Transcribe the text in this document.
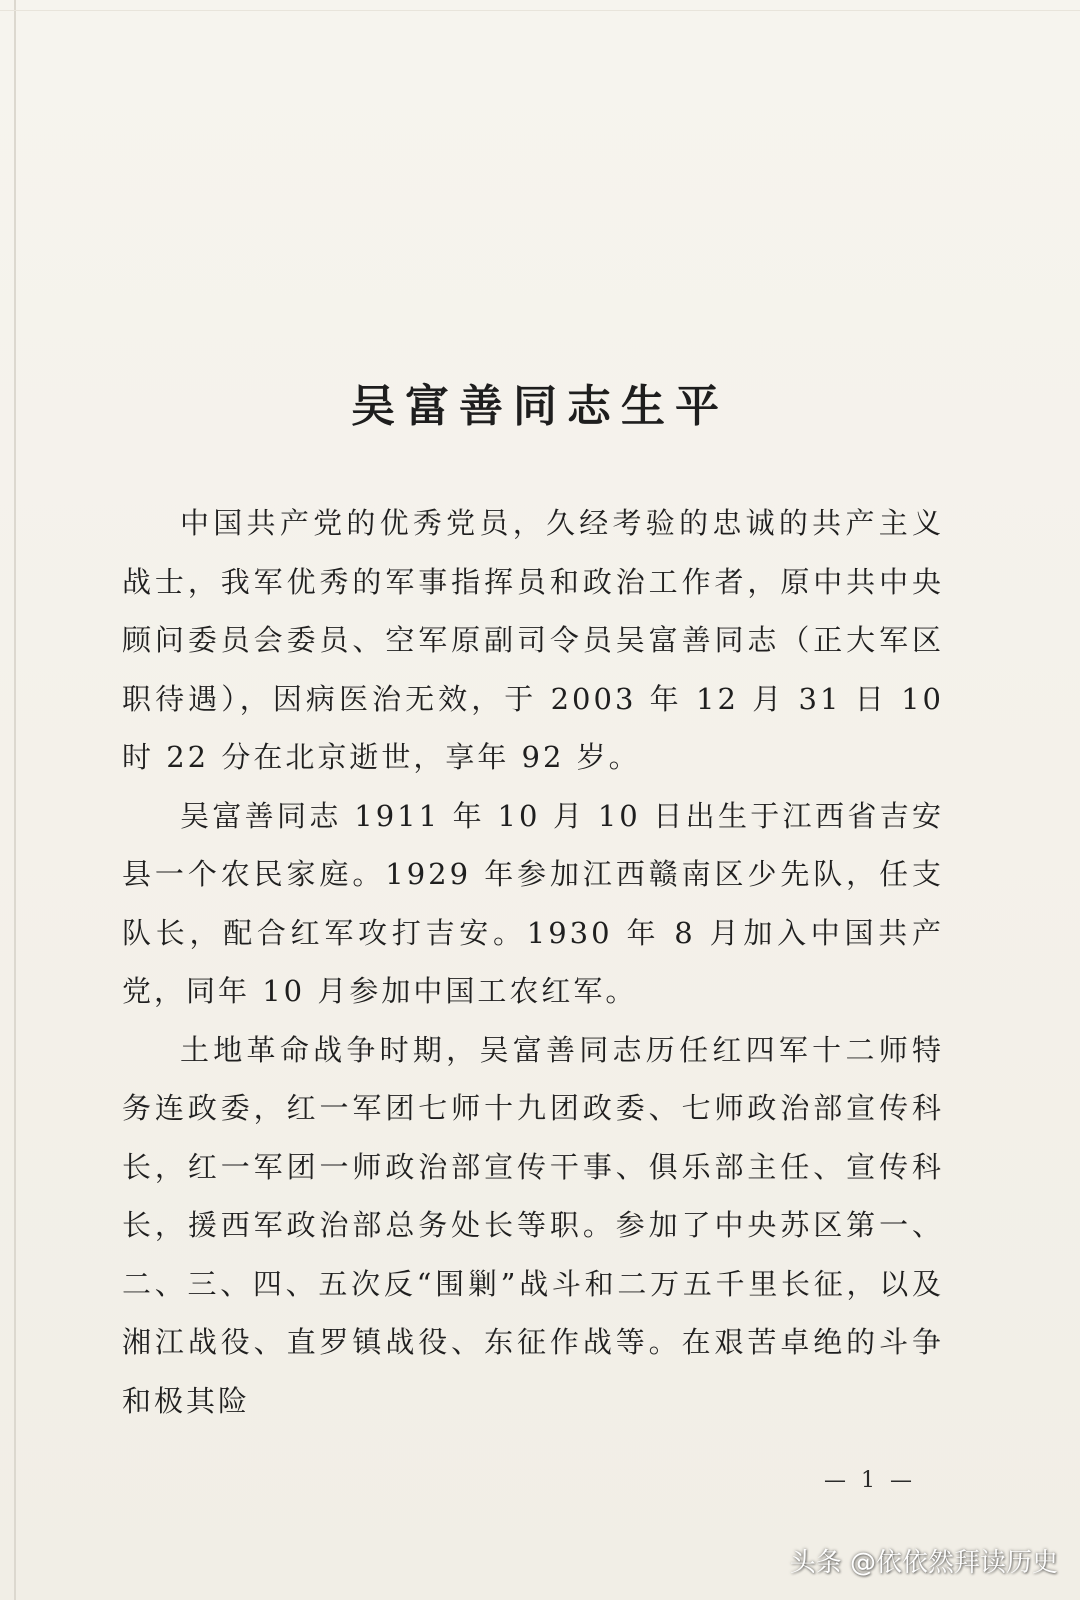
吴富善同志生平

中国共产党的优秀党员，久经考验的忠诚的共产主义战士，我军优秀的军事指挥员和政治工作者，原中共中央顾问委员会委员、空军原副司令员吴富善同志（正大军区职待遇），因病医治无效，于 2003 年 12 月 31 日 10 时 22 分在北京逝世，享年 92 岁。

吴富善同志 1911 年 10 月 10 日出生于江西省吉安县一个农民家庭。1929 年参加江西赣南区少先队，任支队长，配合红军攻打吉安。1930 年 8 月加入中国共产党，同年 10 月参加中国工农红军。

土地革命战争时期，吴富善同志历任红四军十二师特务连政委，红一军团七师十九团政委、七师政治部宣传科长，红一军团一师政治部宣传干事、俱乐部主任、宣传科长，援西军政治部总务处长等职。参加了中央苏区第一、二、三、四、五次反“围剿”战斗和二万五千里长征，以及湘江战役、直罗镇战役、东征作战等。在艰苦卓绝的斗争和极其险

— 1 —
头条 @依依然拜读历史
